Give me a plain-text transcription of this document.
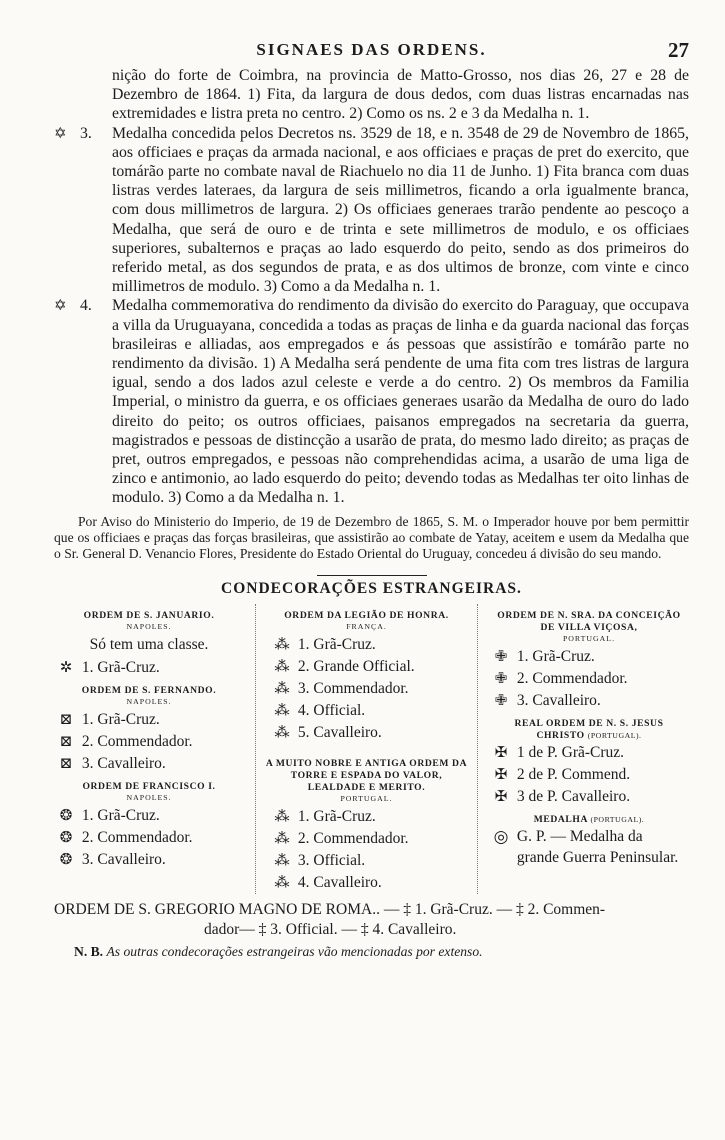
SIGNAES DAS ORDENS.	27

nição do forte de Coimbra, na provincia de Matto-Grosso, nos dias 26, 27 e 28 de Dezembro de 1864. 1) Fita, da largura de dous dedos, com duas listras encarnadas nas extremidades e listra preta no centro. 2) Como os ns. 2 e 3 da Medalha n. 1.

✡ 3.	Medalha concedida pelos Decretos ns. 3529 de 18, e n. 3548 de 29 de Novembro de 1865, aos officiaes e praças da armada nacional, e aos officiaes e praças de pret do exercito, que tomárão parte no combate naval de Riachuelo no dia 11 de Junho. 1) Fita branca com duas listras verdes lateraes, da largura de seis millimetros, ficando a orla igualmente branca, com dous millimetros de largura. 2) Os officiaes generaes trarão pendente ao pescoço a Medalha, que será de ouro e de trinta e sete millimetros de modulo, e os officiaes superiores, subalternos e praças ao lado esquerdo do peito, sendo as dos primeiros do referido metal, as dos segundos de prata, e as dos ultimos de bronze, com vinte e cinco millimetros de modulo. 3) Como a da Medalha n. 1.
✡ 4.	Medalha commemorativa do rendimento da divisão do exercito do Paraguay, que occupava a villa da Uruguayana, concedida a todas as praças de linha e da guarda nacional das forças brasileiras e alliadas, aos empregados e ás pessoas que assistírão e tomárão parte no rendimento da divisão. 1) A Medalha será pendente de uma fita com tres listras de largura igual, sendo a dos lados azul celeste e verde a do centro. 2) Os membros da Familia Imperial, o ministro da guerra, e os officiaes generaes usarão da Medalha de ouro do lado direito do peito; os outros officiaes, paisanos empregados na secretaria da guerra, magistrados e pessoas de distincção a usarão de prata, do mesmo lado direito; as praças de pret, outros empregados, e pessoas não comprehendidas acima, a usarão de uma liga de zinco e antimonio, ao lado esquerdo do peito; devendo todas as Medalhas ter oito linhas de modulo. 3) Como a da Medalha n. 1.

Por Aviso do Ministerio do Imperio, de 19 de Dezembro de 1865, S. M. o Imperador houve por bem permittir que os officiaes e praças das forças brasileiras, que assistirão ao combate de Yatay, aceitem e usem da Medalha que o Sr. General D. Venancio Flores, Presidente do Estado Oriental do Uruguay, concedeu á divisão do seu mando.

CONDECORAÇÕES ESTRANGEIRAS.
ORDEM DE S. JANUARIO.
NAPOLES.
Só tem uma classe.
✲ 1. Grã-Cruz.
ORDEM DE S. FERNANDO.
NAPOLES.
⊠ 1. Grã-Cruz.
⊠ 2. Commendador.
⊠ 3. Cavalleiro.
ORDEM DE FRANCISCO I.
NAPOLES.
❂ 1. Grã-Cruz.
❂ 2. Commendador.
❂ 3. Cavalleiro.
ORDEM DA LEGIÃO DE HONRA.
FRANÇA.
⁂ 1. Grã-Cruz.
⁂ 2. Grande Official.
⁂ 3. Commendador.
⁂ 4. Official.
⁂ 5. Cavalleiro.
A MUITO NOBRE E ANTIGA ORDEM DA TORRE E ESPADA DO VALOR, LEALDADE E MERITO.
PORTUGAL.
⁂ 1. Grã-Cruz.
⁂ 2. Commendador.
⁂ 3. Official.
⁂ 4. Cavalleiro.
ORDEM DE N. SRA. DA CONCEIÇÃO DE VILLA VIÇOSA,
PORTUGAL.
✙ 1. Grã-Cruz.
✙ 2. Commendador.
✙ 3. Cavalleiro.
REAL ORDEM DE N. S. JESUS CHRISTO (PORTUGAL).
✠ 1 de P. Grã-Cruz.
✠ 2 de P. Commend.
✠ 3 de P. Cavalleiro.
MEDALHA (PORTUGAL).
◎ G. P. — Medalha da grande Guerra Peninsular.
ORDEM DE S. GREGORIO MAGNO DE ROMA.. — ‡ 1. Grã-Cruz. — ‡ 2. Commen-
dador— ‡ 3. Official. — ‡ 4. Cavalleiro.
N. B. As outras condecorações estrangeiras vão mencionadas por extenso.
